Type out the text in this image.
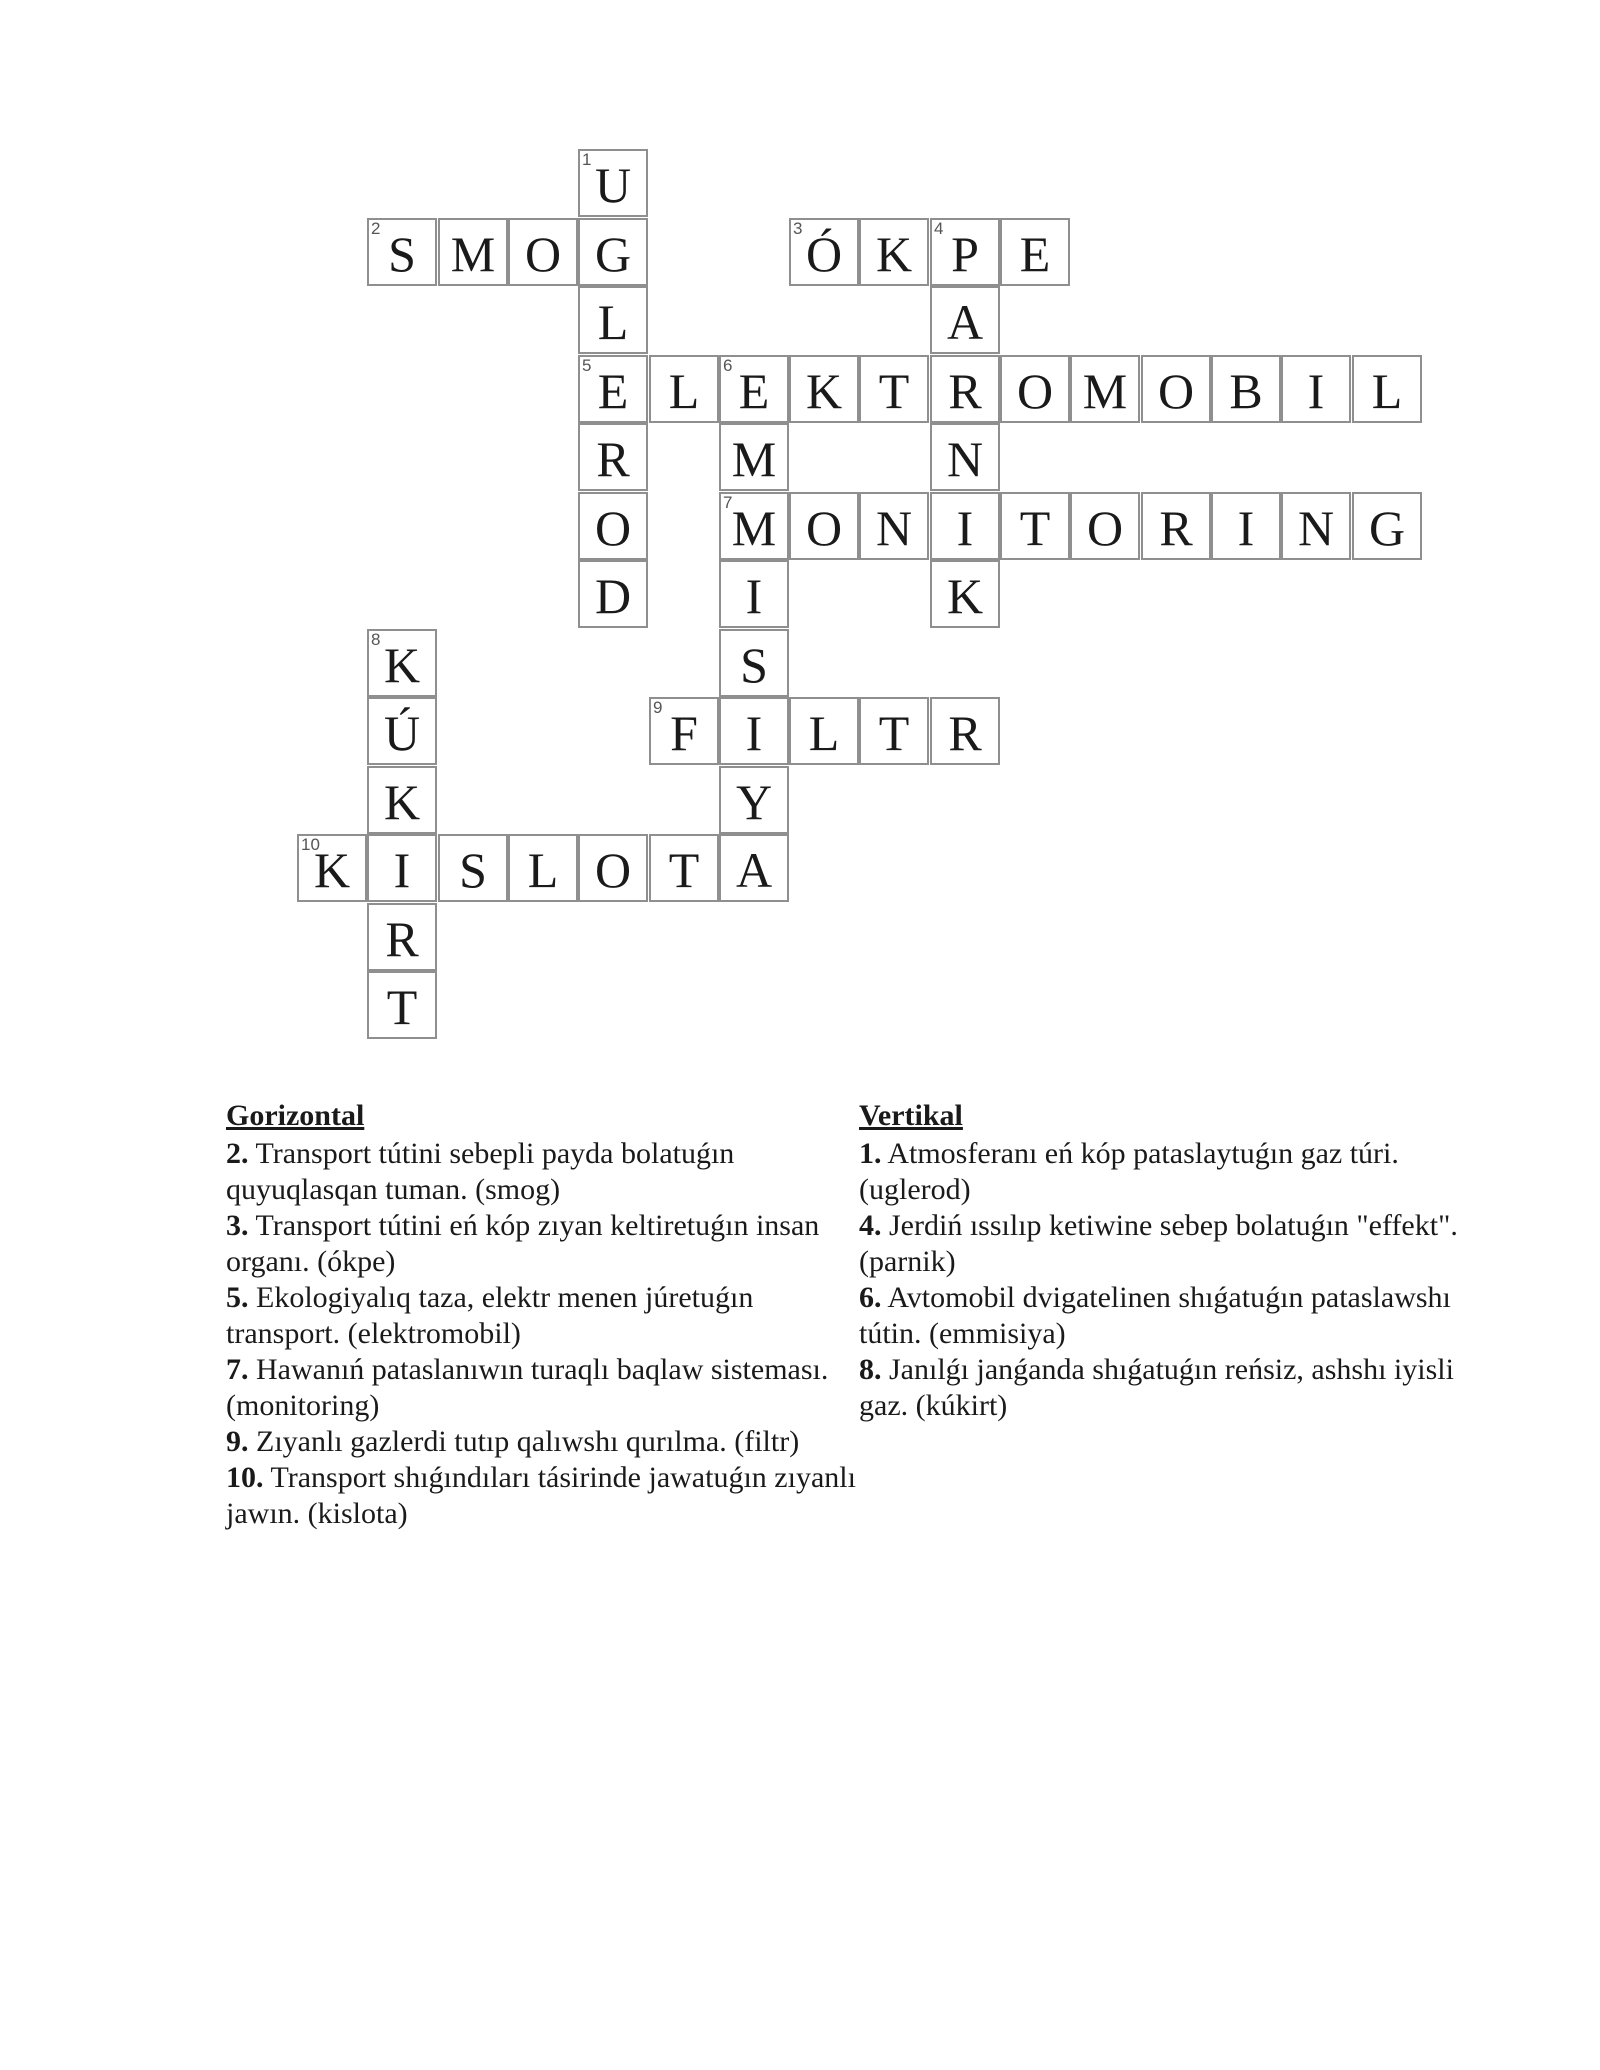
1 U
2 S M O G	3 Ó K	4 P E
L	A
5 E L	6 E K T R O M O B I L
R	M	N
O	7 M O N I T O R I N G
D	I	K
8 K	S
Ú	9 F I L T R
K	Y
10
K I S L O T A
R
T
Gorizontal

2. Transport tútini sebepli payda bolatuǵın quyuqlasqan tuman. (smog)

3. Transport tútini eń kóp zıyan keltiretuǵın insan organı. (ókpe)

5. Ekologiyalıq taza, elektr menen júretuǵın transport. (elektromobil)

7. Hawanıń pataslanıwın turaqlı baqlaw sisteması. (monitoring)

9. Zıyanlı gazlerdi tutıp qalıwshı qurılma. (filtr)

10. Transport shıǵındıları tásirinde jawatuǵın zıyanlı jawın. (kislota)

Vertikal

1. Atmosferanı eń kóp pataslaytuǵın gaz túri. (uglerod)

4. Jerdiń ıssılıp ketiwine sebep bolatuǵın "effekt". (parnik)

6. Avtomobil dvigatelinen shıǵatuǵın pataslawshı tútin. (emmisiya)

8. Janılǵı janǵanda shıǵatuǵın reńsiz, ashshı iyisli gaz. (kúkirt)
